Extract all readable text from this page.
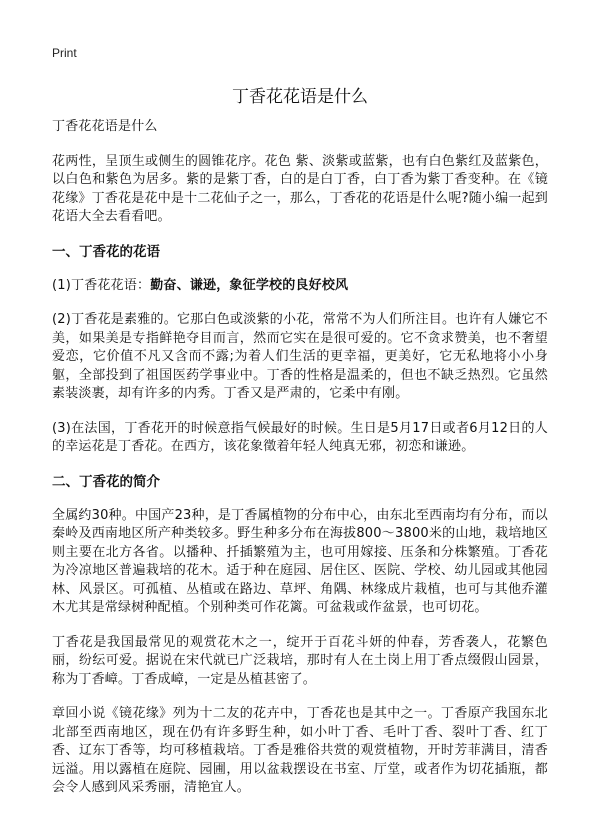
Print
丁香花花语是什么

丁香花花语是什么

花两性，呈顶生或侧生的圆锥花序。花色 紫、淡紫或蓝紫，也有白色紫红及蓝紫色，以白色和紫色为居多。紫的是紫丁香，白的是白丁香，白丁香为紫丁香变种。在《镜花缘》丁香花是花中是十二花仙子之一，那么，丁香花的花语是什么呢?随小编一起到花语大全去看看吧。

一、丁香花的花语

(1)丁香花花语：勤奋、谦逊，象征学校的良好校风

(2)丁香花是素雅的。它那白色或淡紫的小花，常常不为人们所注目。也许有人嫌它不美，如果美是专指鲜艳夺目而言，然而它实在是很可爱的。它不贪求赞美，也不奢望爱恋，它价值不凡又含而不露;为着人们生活的更幸福，更美好，它无私地将小小身躯，全部投到了祖国医药学事业中。丁香的性格是温柔的，但也不缺乏热烈。它虽然素装淡裹，却有许多的内秀。丁香又是严肃的，它柔中有刚。

(3)在法国，丁香花开的时候意指气候最好的时候。生日是5月17日或者6月12日的人的幸运花是丁香花。在西方，该花象徵着年轻人纯真无邪，初恋和谦逊。

二、丁香花的简介

全属约30种。中国产23种，是丁香属植物的分布中心，由东北至西南均有分布，而以秦岭及西南地区所产种类较多。野生种多分布在海拔800～3800米的山地，栽培地区则主要在北方各省。以播种、扦插繁殖为主，也可用嫁接、压条和分株繁殖。丁香花为冷凉地区普遍栽培的花木。适于种在庭园、居住区、医院、学校、幼儿园或其他园林、风景区。可孤植、丛植或在路边、草坪、角隅、林缘成片栽植，也可与其他乔灌木尤其是常绿树种配植。个别种类可作花篱。可盆栽或作盆景，也可切花。

丁香花是我国最常见的观赏花木之一，绽开于百花斗妍的仲春，芳香袭人，花繁色丽，纷纭可爱。据说在宋代就已广泛栽培，那时有人在土岗上用丁香点缀假山园景，称为丁香嶂。丁香成嶂，一定是丛植甚密了。

章回小说《镜花缘》列为十二友的花卉中，丁香花也是其中之一。丁香原产我国东北北部至西南地区，现在仍有许多野生种，如小叶丁香、毛叶丁香、裂叶丁香、红丁香、辽东丁香等，均可移植栽培。丁香是雅俗共赏的观赏植物，开时芳菲满目，清香远溢。用以露植在庭院、园圃，用以盆栽摆设在书室、厅堂，或者作为切花插瓶，都会令人感到风采秀丽，清艳宜人。
